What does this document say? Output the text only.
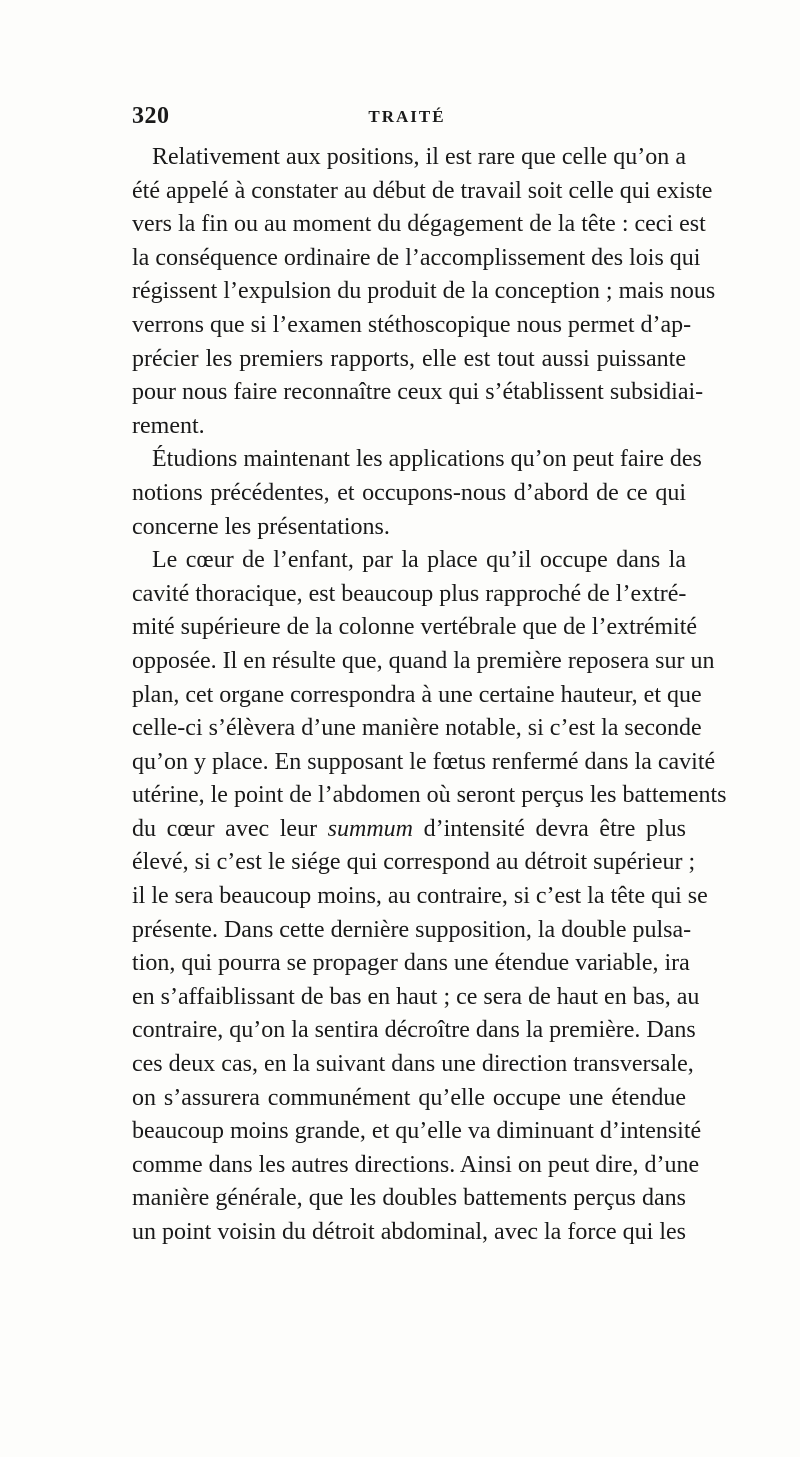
320	TRAITÉ
Relativement aux positions, il est rare que celle qu’on a
été appelé à constater au début de travail soit celle qui existe
vers la fin ou au moment du dégagement de la tête : ceci est
la conséquence ordinaire de l’accomplissement des lois qui
régissent l’expulsion du produit de la conception ; mais nous
verrons que si l’examen stéthoscopique nous permet d’ap-
précier les premiers rapports, elle est tout aussi puissante
pour nous faire reconnaître ceux qui s’établissent subsidiai-
rement.
Étudions maintenant les applications qu’on peut faire des
notions précédentes, et occupons-nous d’abord de ce qui
concerne les présentations.
Le cœur de l’enfant, par la place qu’il occupe dans la
cavité thoracique, est beaucoup plus rapproché de l’extré-
mité supérieure de la colonne vertébrale que de l’extrémité
opposée. Il en résulte que, quand la première reposera sur un
plan, cet organe correspondra à une certaine hauteur, et que
celle-ci s’élèvera d’une manière notable, si c’est la seconde
qu’on y place. En supposant le fœtus renfermé dans la cavité
utérine, le point de l’abdomen où seront perçus les battements
du cœur avec leur summum d’intensité devra être plus
élevé, si c’est le siége qui correspond au détroit supérieur ;
il le sera beaucoup moins, au contraire, si c’est la tête qui se
présente. Dans cette dernière supposition, la double pulsa-
tion, qui pourra se propager dans une étendue variable, ira
en s’affaiblissant de bas en haut ; ce sera de haut en bas, au
contraire, qu’on la sentira décroître dans la première. Dans
ces deux cas, en la suivant dans une direction transversale,
on s’assurera communément qu’elle occupe une étendue
beaucoup moins grande, et qu’elle va diminuant d’intensité
comme dans les autres directions. Ainsi on peut dire, d’une
manière générale, que les doubles battements perçus dans
un point voisin du détroit abdominal, avec la force qui les
